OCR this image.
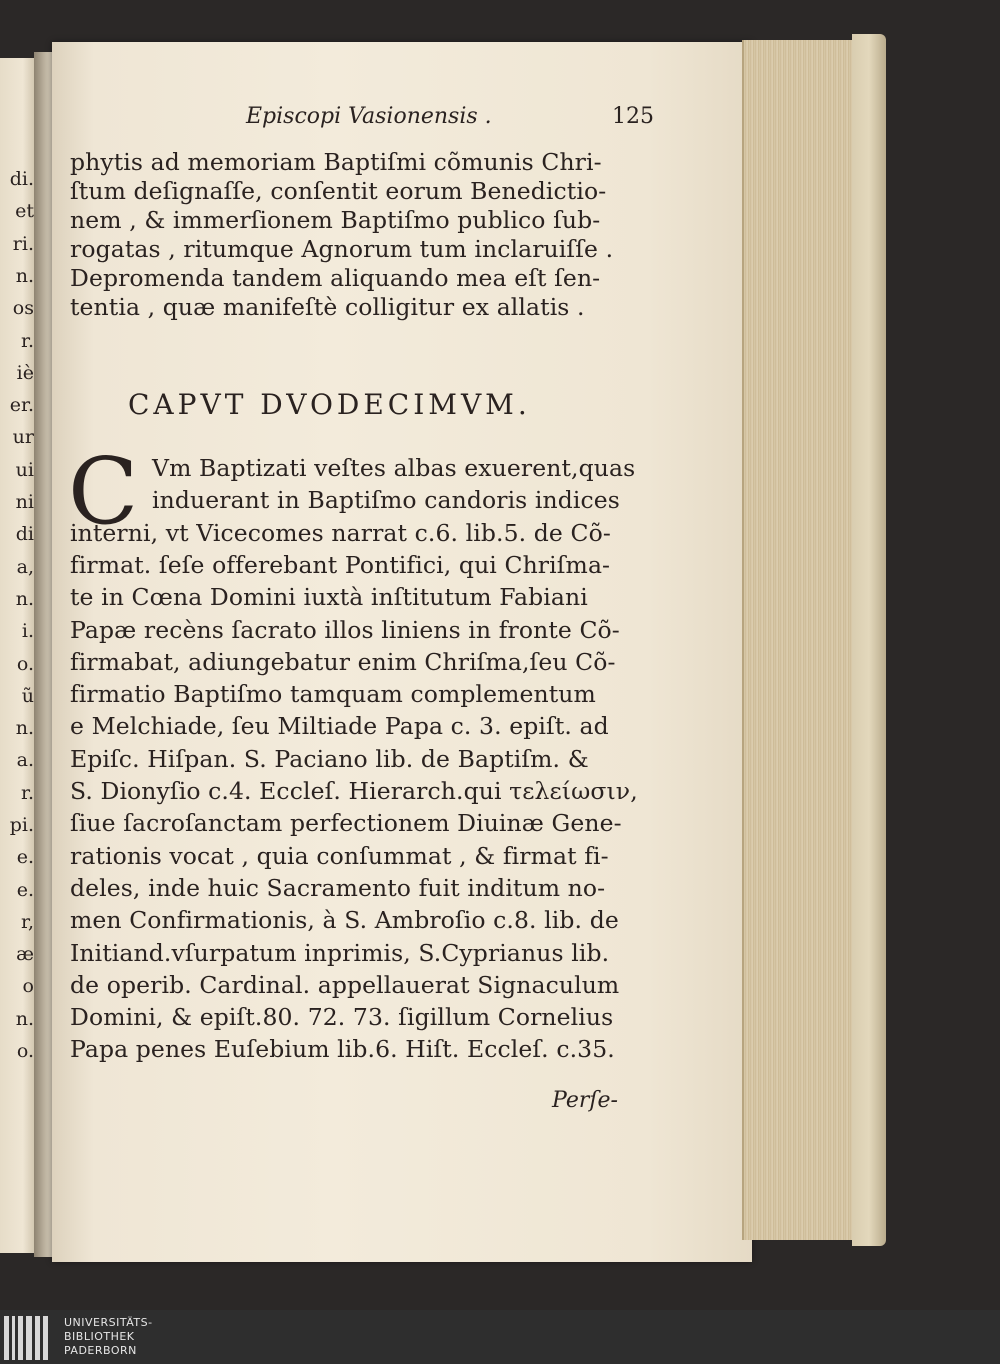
di.
et
ri.
n.
os
r.
iè
er.
ur
ui
ni
di
a,
n.
i.
o.
ũ
n.
a.
r.
pi.
e.
e.
r,
æ
o
n.
o.
Episcopi Vasionensis .	125
phytis ad memoriam Baptiſmi cõmunis Chri-
ſtum deſignaſſe, conſentit eorum Benedictio-
nem , & immerſionem Baptiſmo publico ſub-
rogatas , ritumque Agnorum tum inclaruiſſe .
Depromenda tandem aliquando mea eſt ſen-
tentia , quæ manifeſtè colligitur ex allatis .
CAPVT DVODECIMVM.
C Vm Baptizati veſtes albas exuerent,quas
induerant in Baptiſmo candoris indices
interni, vt Vicecomes narrat c.6. lib.5. de Cõ-
firmat. ſeſe offerebant Pontifici, qui Chriſma-
te in Cœna Domini iuxtà inſtitutum Fabiani
Papæ recèns ſacrato illos liniens in fronte Cõ-
firmabat, adiungebatur enim Chriſma,ſeu Cõ-
firmatio Baptiſmo tamquam complementum
e Melchiade, ſeu Miltiade Papa c. 3. epiſt. ad
Epiſc. Hiſpan. S. Paciano lib. de Baptiſm. &
S. Dionyſio c.4. Eccleſ. Hierarch.qui τελείωσιν,
ſiue ſacroſanctam perfectionem Diuinæ Gene-
rationis vocat , quia conſummat , & firmat fi-
deles, inde huic Sacramento fuit inditum no-
men Confirmationis, à S. Ambroſio c.8. lib. de
Initiand.vſurpatum inprimis, S.Cyprianus lib.
de operib. Cardinal. appellauerat Signaculum
Domini, & epiſt.80. 72. 73. ſigillum Cornelius
Papa penes Euſebium lib.6. Hiſt. Eccleſ. c.35.
Perſe-
UNIVERSITÄTS-
BIBLIOTHEK
PADERBORN
